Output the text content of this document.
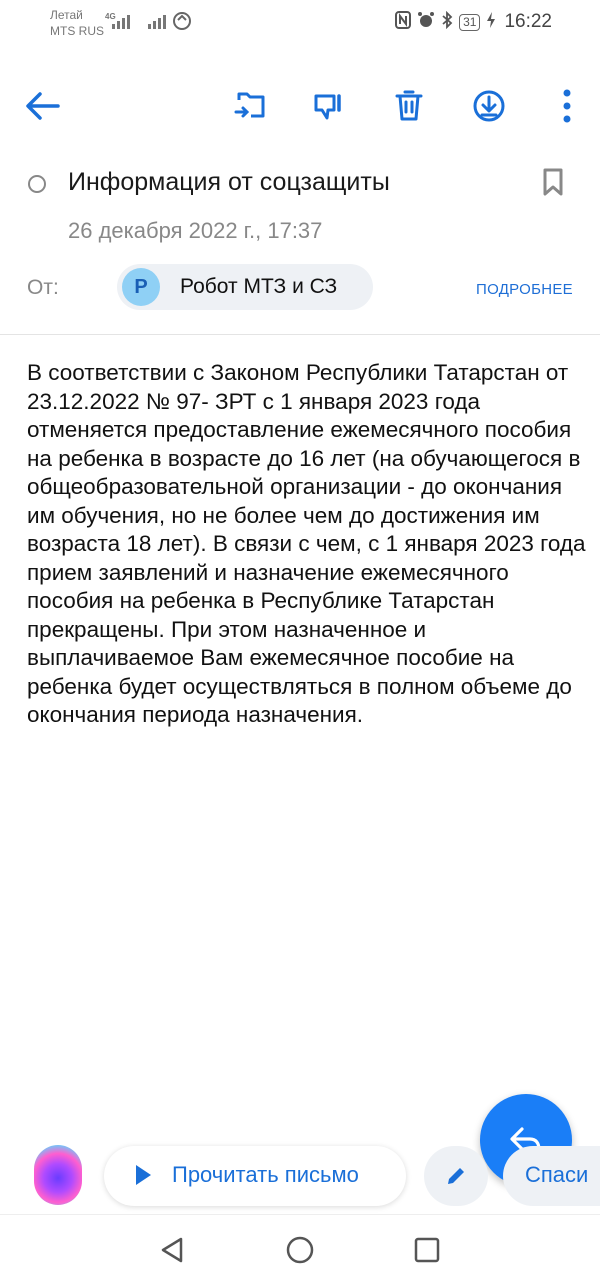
Летай
MTS RUS
4G	31 16:22
Информация от соцзащиты
26 декабря 2022 г., 17:37
От:	Р	Робот МТЗ и СЗ	ПОДРОБНЕЕ
В соответствии с Законом Республики Татарстан от 23.12.2022 № 97- ЗРТ с 1 января 2023 года отменяется предоставление ежемесячного пособия на ребенка в возрасте до 16 лет (на обучающегося в общеобразовательной организации - до окончания им обучения, но не более чем до достижения им возраста 18 лет). В связи с чем, с 1 января 2023 года прием заявлений и назначение ежемесячного пособия на ребенка в Республике Татарстан прекращены. При этом назначенное и выплачиваемое Вам ежемесячное пособие на ребенка будет осуществляться в полном объеме до окончания периода назначения.
Прочитать письмо	Спаси
